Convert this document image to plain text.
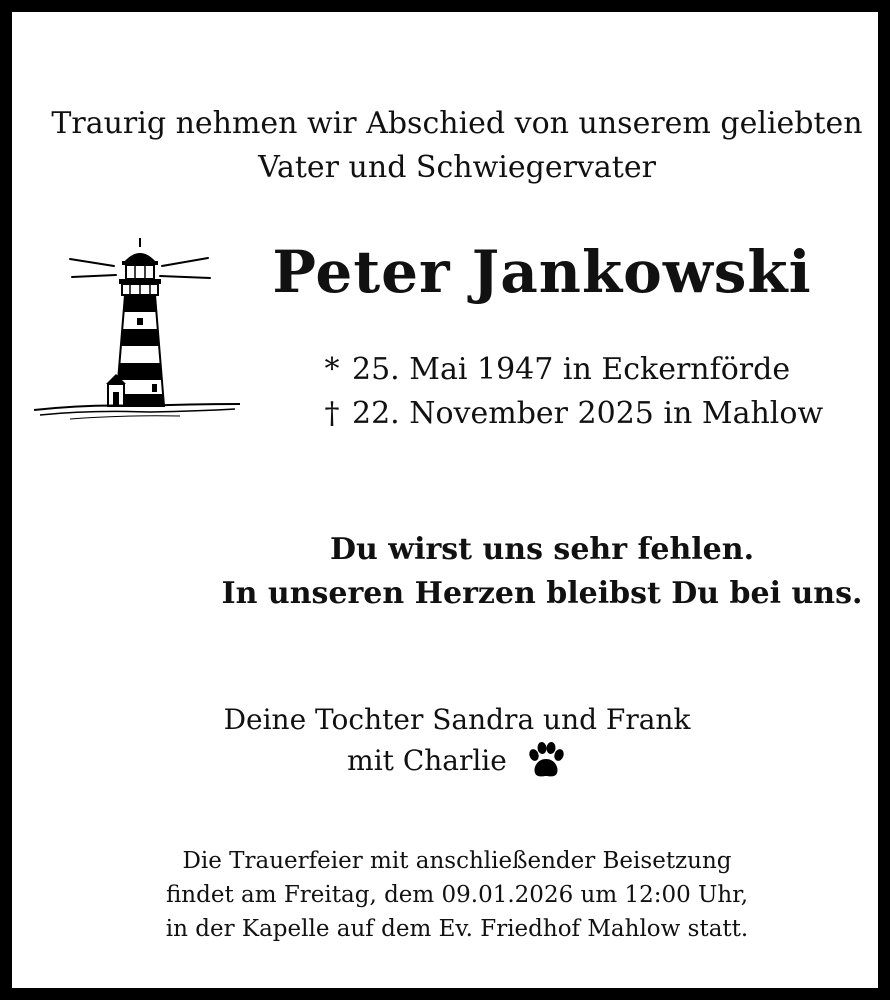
Traurig nehmen wir Abschied von unserem geliebten
Vater und Schwiegervater
Peter Jankowski
* 25. Mai 1947 in Eckernförde
† 22. November 2025 in Mahlow
Du wirst uns sehr fehlen.
In unseren Herzen bleibst Du bei uns.
Deine Tochter Sandra und Frank
mit Charlie
Die Trauerfeier mit anschließender Beisetzung
findet am Freitag, dem 09.01.2026 um 12:00 Uhr,
in der Kapelle auf dem Ev. Friedhof Mahlow statt.
